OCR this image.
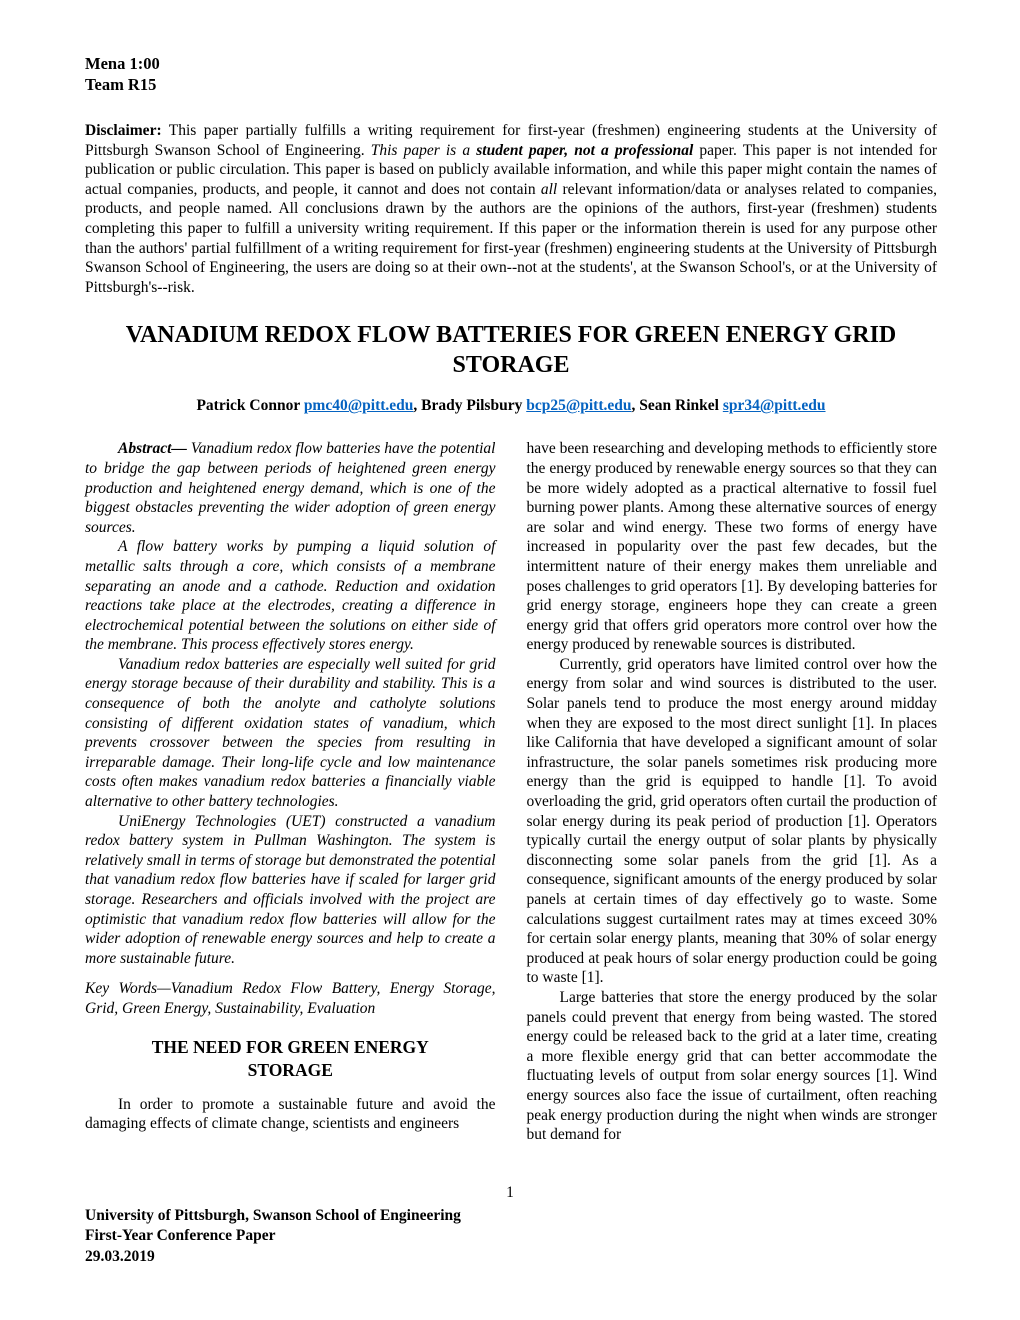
Mena 1:00
Team R15

Disclaimer: This paper partially fulfills a writing requirement for first-year (freshmen) engineering students at the University of Pittsburgh Swanson School of Engineering. This paper is a student paper, not a professional paper. This paper is not intended for publication or public circulation. This paper is based on publicly available information, and while this paper might contain the names of actual companies, products, and people, it cannot and does not contain all relevant information/data or analyses related to companies, products, and people named. All conclusions drawn by the authors are the opinions of the authors, first-year (freshmen) students completing this paper to fulfill a university writing requirement. If this paper or the information therein is used for any purpose other than the authors' partial fulfillment of a writing requirement for first-year (freshmen) engineering students at the University of Pittsburgh Swanson School of Engineering, the users are doing so at their own--not at the students', at the Swanson School's, or at the University of Pittsburgh's--risk.

VANADIUM REDOX FLOW BATTERIES FOR GREEN ENERGY GRID STORAGE

Patrick Connor pmc40@pitt.edu, Brady Pilsbury bcp25@pitt.edu, Sean Rinkel spr34@pitt.edu

Abstract— Vanadium redox flow batteries have the potential to bridge the gap between periods of heightened green energy production and heightened energy demand, which is one of the biggest obstacles preventing the wider adoption of green energy sources.

A flow battery works by pumping a liquid solution of metallic salts through a core, which consists of a membrane separating an anode and a cathode. Reduction and oxidation reactions take place at the electrodes, creating a difference in electrochemical potential between the solutions on either side of the membrane. This process effectively stores energy.

Vanadium redox batteries are especially well suited for grid energy storage because of their durability and stability. This is a consequence of both the anolyte and catholyte solutions consisting of different oxidation states of vanadium, which prevents crossover between the species from resulting in irreparable damage. Their long-life cycle and low maintenance costs often makes vanadium redox batteries a financially viable alternative to other battery technologies.

UniEnergy Technologies (UET) constructed a vanadium redox battery system in Pullman Washington. The system is relatively small in terms of storage but demonstrated the potential that vanadium redox flow batteries have if scaled for larger grid storage. Researchers and officials involved with the project are optimistic that vanadium redox flow batteries will allow for the wider adoption of renewable energy sources and help to create a more sustainable future.

Key Words—Vanadium Redox Flow Battery, Energy Storage, Grid, Green Energy, Sustainability, Evaluation

THE NEED FOR GREEN ENERGY STORAGE

In order to promote a sustainable future and avoid the damaging effects of climate change, scientists and engineers

have been researching and developing methods to efficiently store the energy produced by renewable energy sources so that they can be more widely adopted as a practical alternative to fossil fuel burning power plants. Among these alternative sources of energy are solar and wind energy. These two forms of energy have increased in popularity over the past few decades, but the intermittent nature of their energy makes them unreliable and poses challenges to grid operators [1]. By developing batteries for grid energy storage, engineers hope they can create a green energy grid that offers grid operators more control over how the energy produced by renewable sources is distributed.

Currently, grid operators have limited control over how the energy from solar and wind sources is distributed to the user. Solar panels tend to produce the most energy around midday when they are exposed to the most direct sunlight [1]. In places like California that have developed a significant amount of solar infrastructure, the solar panels sometimes risk producing more energy than the grid is equipped to handle [1]. To avoid overloading the grid, grid operators often curtail the production of solar energy during its peak period of production [1]. Operators typically curtail the energy output of solar plants by physically disconnecting some solar panels from the grid [1]. As a consequence, significant amounts of the energy produced by solar panels at certain times of day effectively go to waste. Some calculations suggest curtailment rates may at times exceed 30% for certain solar energy plants, meaning that 30% of solar energy produced at peak hours of solar energy production could be going to waste [1].

Large batteries that store the energy produced by the solar panels could prevent that energy from being wasted. The stored energy could be released back to the grid at a later time, creating a more flexible energy grid that can better accommodate the fluctuating levels of output from solar energy sources [1]. Wind energy sources also face the issue of curtailment, often reaching peak energy production during the night when winds are stronger but demand for

1
University of Pittsburgh, Swanson School of Engineering
First-Year Conference Paper
29.03.2019
